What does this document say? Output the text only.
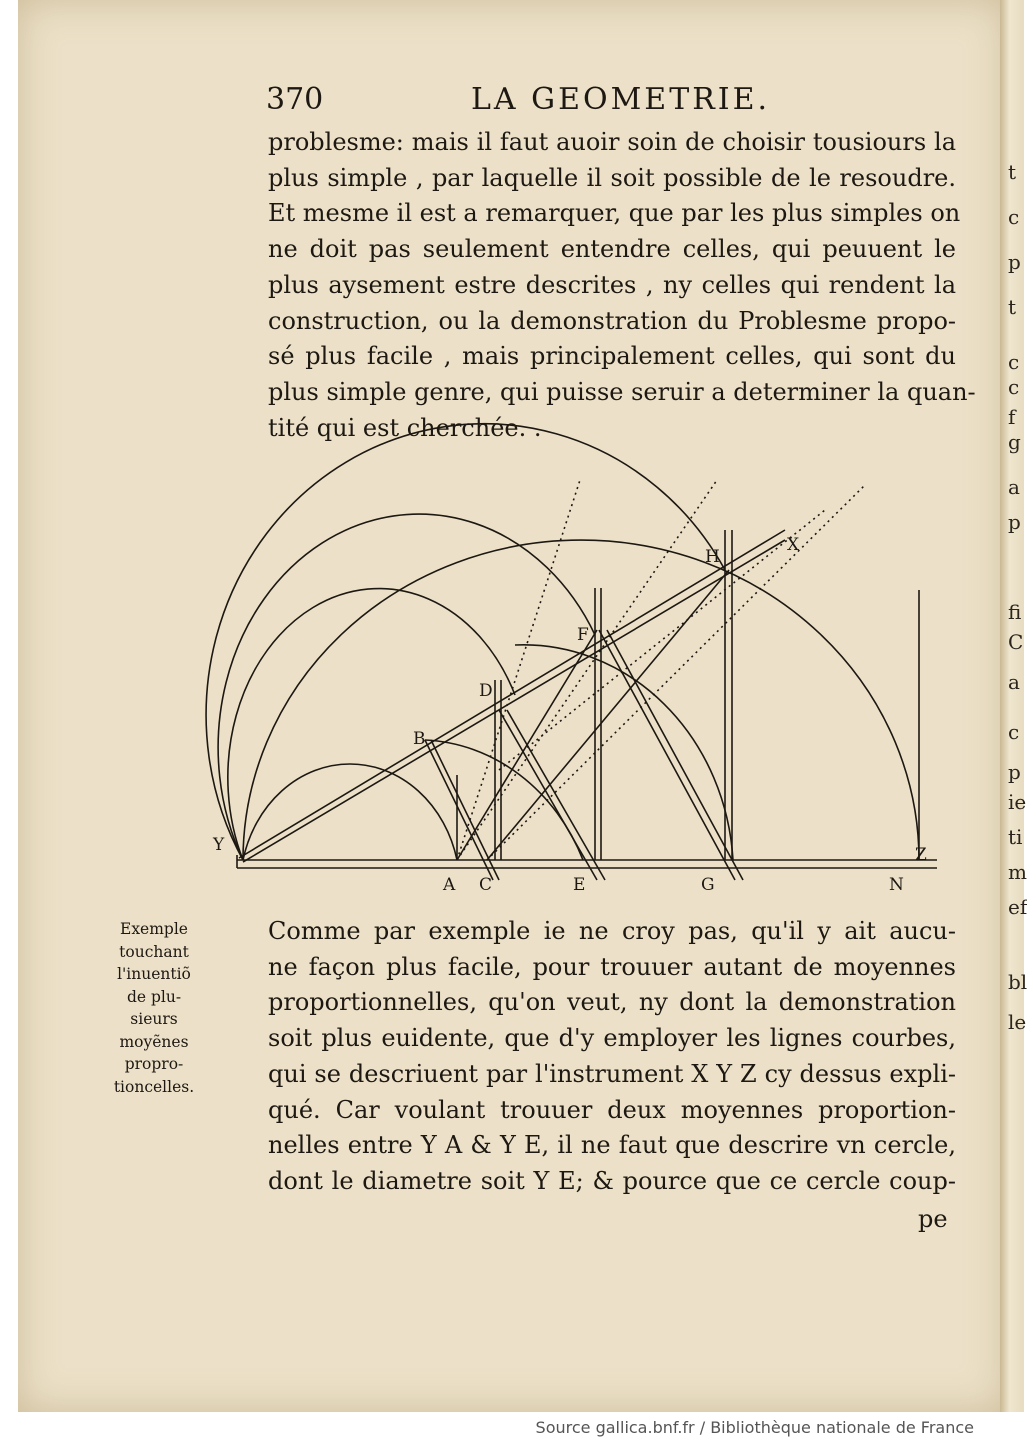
t
c
p
t
c
c
f
g
a
p
fi
C
a
c
p
ie
ti
m
ef
bl
le
370	LA GEOMETRIE.
problesme: mais il faut auoir soin de choisir tousiours la
plus simple , par laquelle il soit possible de le resoudre.
Et mesme il est a remarquer, que par les plus simples on
ne doit pas seulement entendre celles, qui peuuent le
plus aysement estre descrites , ny celles qui rendent la
construction, ou la demonstration du Problesme propo-
sé plus facile , mais principalement celles, qui sont du
plus simple genre, qui puisse seruir a determiner la quan-
tité qui est cherchée. .
H
X
F
D
B
Y	Z
A C	E	G	N
Exemple
touchant
l'inuentiõ
de plu-
sieurs
moyẽnes
propro-
tioncelles.
Comme par exemple ie ne croy pas, qu'il y ait aucu-
ne façon plus facile, pour trouuer autant de moyennes
proportionnelles, qu'on veut, ny dont la demonstration
soit plus euidente, que d'y employer les lignes courbes,
qui se descriuent par l'instrument X Y Z cy dessus expli-
qué. Car voulant trouuer deux moyennes proportion-
nelles entre Y A & Y E, il ne faut que descrire vn cercle,
dont le diametre soit Y E; & pource que ce cercle coup-
pe
Source gallica.bnf.fr / Bibliothèque nationale de France
